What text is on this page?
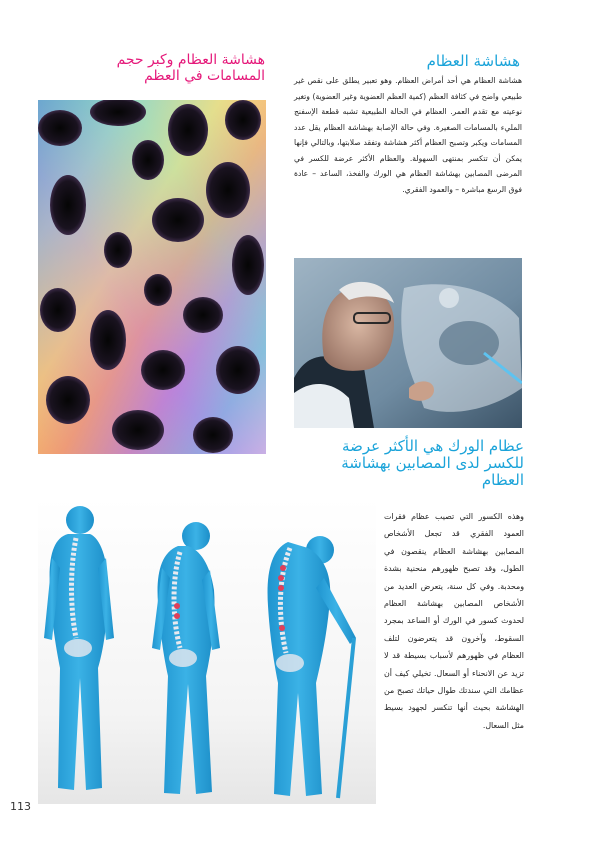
هشاشة العظام وكبر حجم
المسامات في العظم
هشاشة العظام
هشاشة العظام هي أحد أمراض العظام. وهو تعبير يطلق على نقص غير طبيعي واضح في كثافة العظم (كمية العظم العضوية وغير العضوية) وتغير نوعيته مع تقدم العمر. العظام في الحالة الطبيعية تشبه قطعة الإسفنج المليء بالمسامات الصغيرة. وفي حالة الإصابة بهشاشة العظام يقل عدد المسامات ويكبر وتصبح العظام أكثر هشاشة وتفقد صلابتها، وبالتالي فإنها يمكن أن تتكسر بمنتهى السهولة. والعظام الأكثر عرضة للكسر في المرضى المصابين بهشاشة العظام هي الورك والفخذ، الساعد – عادة فوق الرسغ مباشرة – والعمود الفقري.
عظام الورك هي الأكثر عرضة
للكسر لدى المصابين بهشاشة
العظام
وهذه الكسور التي تصيب عظام فقرات العمود الفقري قد تجعل الأشخاص المصابين بهشاشة العظام ينقصون في الطول، وقد تصبح ظهورهم منحنية بشدة ومحدبة. وفي كل سنة، يتعرض العديد من الأشخاص المصابين بهشاشة العظام لحدوث كسور في الورك أو الساعد بمجرد السقوط، وآخرون قد يتعرضون لتلف العظام في ظهورهم لأسباب بسيطة قد لا تزيد عن الانحناء أو السعال. تخيلي كيف أن عظامك التي سندتك طوال حياتك تصبح من الهشاشة بحيث أنها تنكسر لجهود بسيط مثل السعال.
113
